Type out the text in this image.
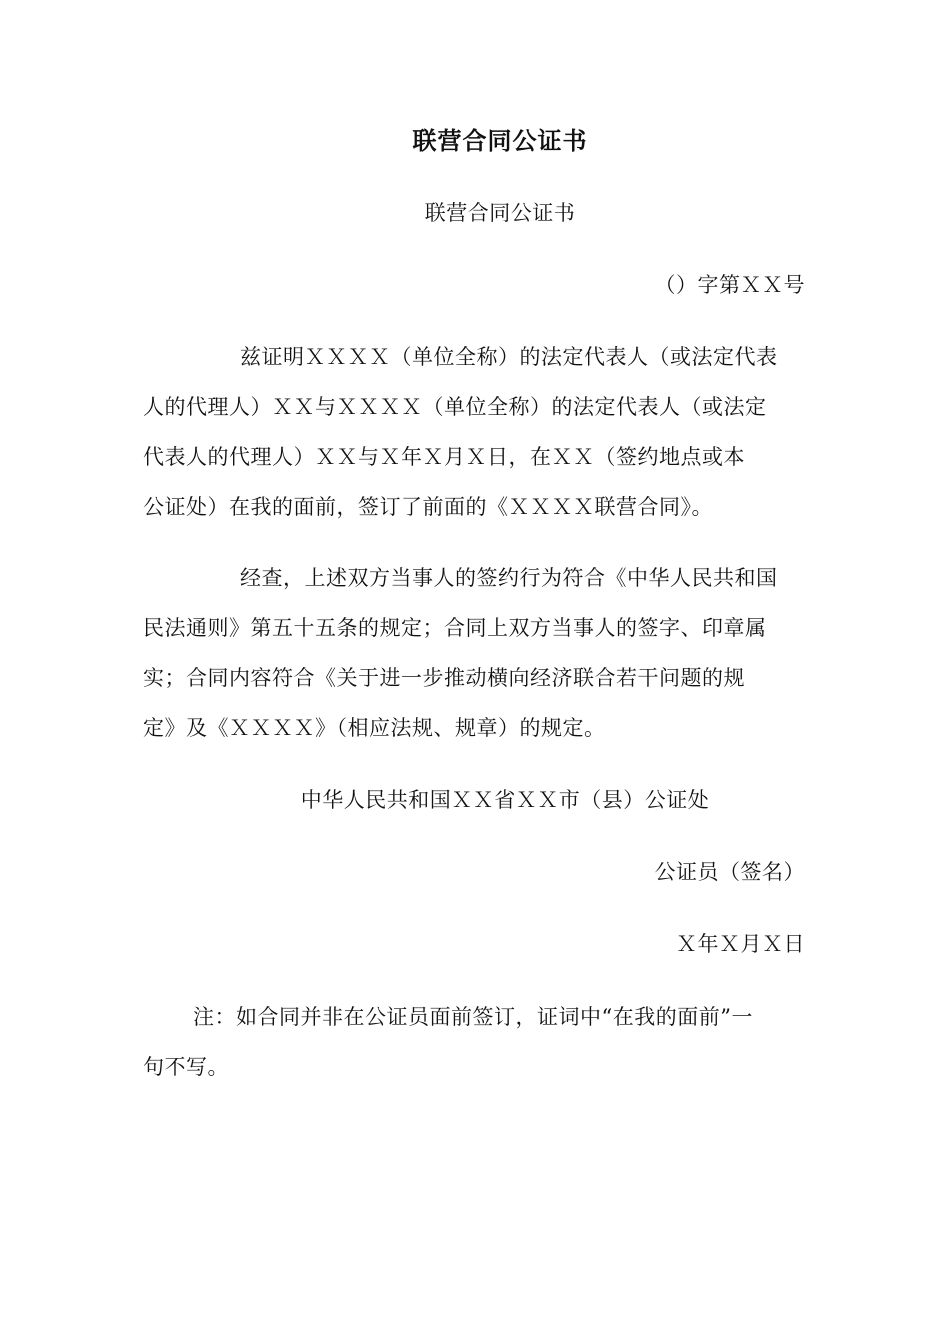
联营合同公证书
联营合同公证书
（）字第ＸＸ号
兹证明ＸＸＸＸ（单位全称）的法定代表人（或法定代表
人的代理人）ＸＸ与ＸＸＸＸ（单位全称）的法定代表人（或法定
代表人的代理人）ＸＸ与Ｘ年Ｘ月Ｘ日，在ＸＸ（签约地点或本
公证处）在我的面前，签订了前面的《ＸＸＸＸ联营合同》。
经查，上述双方当事人的签约行为符合《中华人民共和国
民法通则》第五十五条的规定；合同上双方当事人的签字、印章属
实；合同内容符合《关于进一步推动横向经济联合若干问题的规
定》及《ＸＸＸＸ》（相应法规、规章）的规定。
中华人民共和国ＸＸ省ＸＸ市（县）公证处
公证员（签名）
Ｘ年Ｘ月Ｘ日
注：如合同并非在公证员面前签订，证词中“在我的面前”一
句不写。
